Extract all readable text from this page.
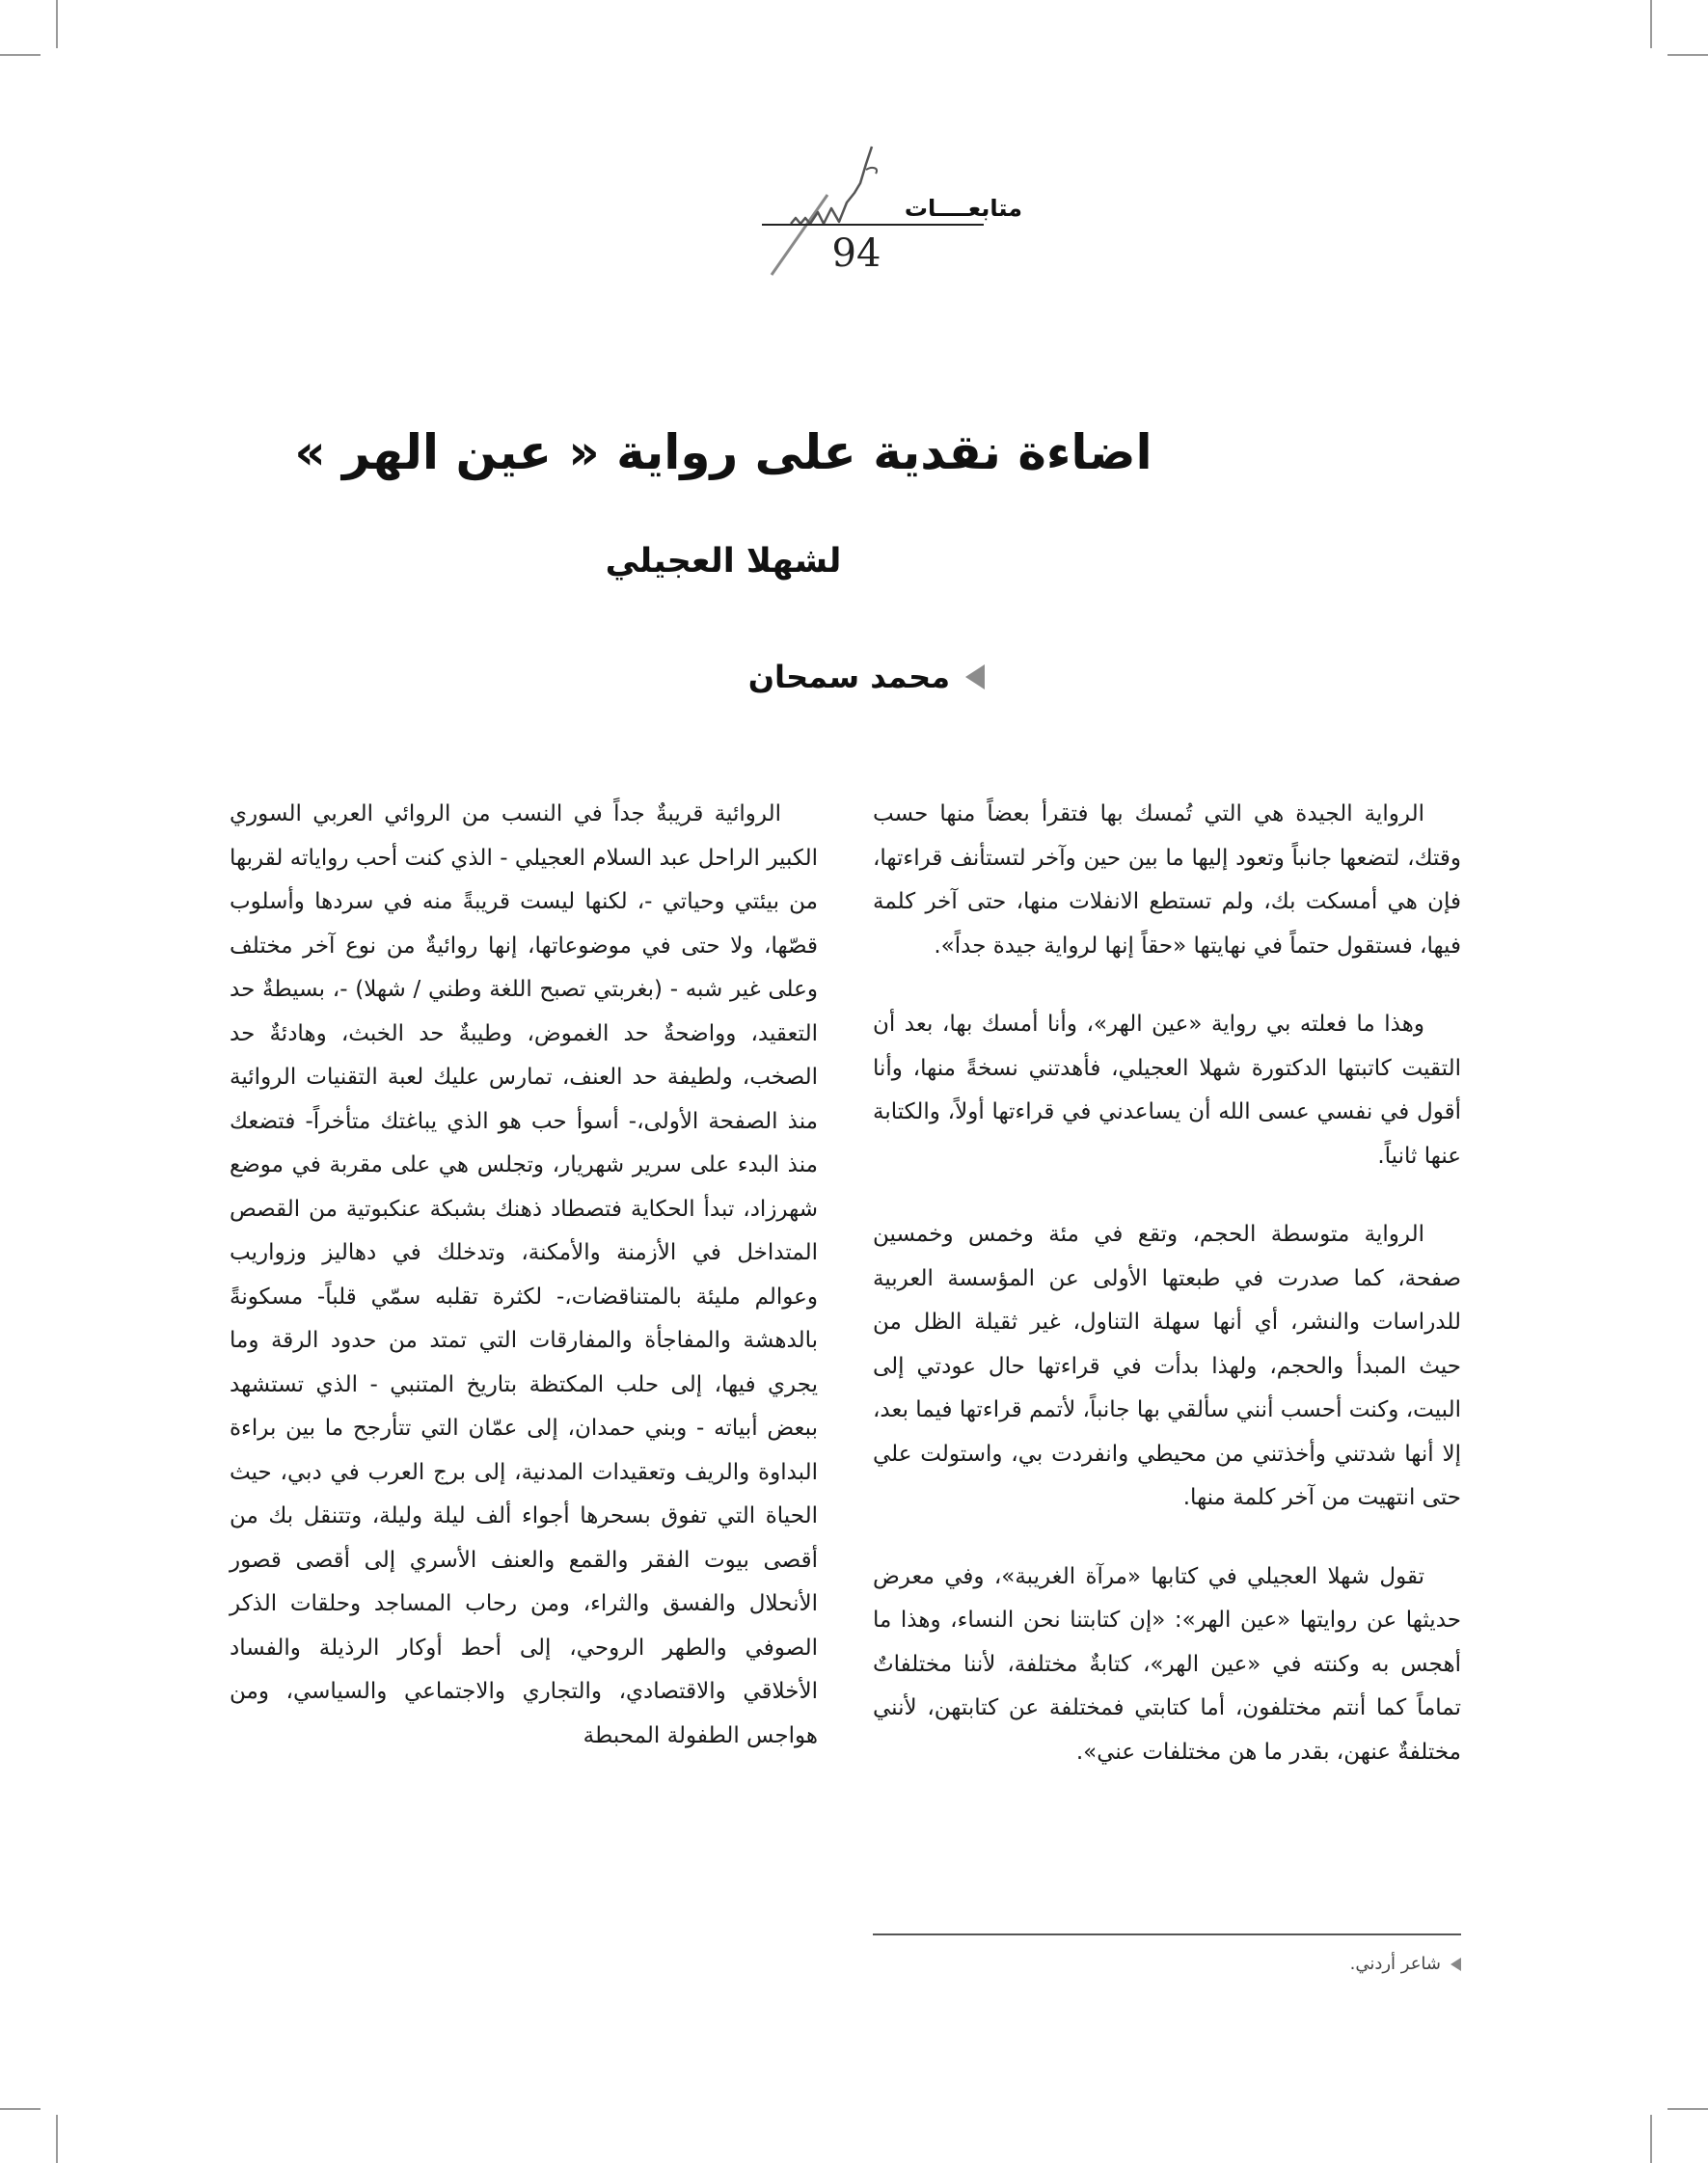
متابعــــات
94
اضاءة نقدية على رواية « عين الهر »
لشهلا العجيلي
محمد سمحان

الرواية الجيدة هي التي تُمسك بها فتقرأ بعضاً منها حسب وقتك، لتضعها جانباً وتعود إليها ما بين حين وآخر لتستأنف قراءتها، فإن هي أمسكت بك، ولم تستطع الانفلات منها، حتى آخر كلمة فيها، فستقول حتماً في نهايتها «حقاً إنها لرواية جيدة جداً».

وهذا ما فعلته بي رواية «عين الهر»، وأنا أمسك بها، بعد أن التقيت كاتبتها الدكتورة شهلا العجيلي، فأهدتني نسخةً منها، وأنا أقول في نفسي عسى الله أن يساعدني في قراءتها أولاً، والكتابة عنها ثانياً.

الرواية متوسطة الحجم، وتقع في مئة وخمس وخمسين صفحة، كما صدرت في طبعتها الأولى عن المؤسسة العربية للدراسات والنشر، أي أنها سهلة التناول، غير ثقيلة الظل من حيث المبدأ والحجم، ولهذا بدأت في قراءتها حال عودتي إلى البيت، وكنت أحسب أنني سألقي بها جانباً، لأتمم قراءتها فيما بعد، إلا أنها شدتني وأخذتني من محيطي وانفردت بي، واستولت علي حتى انتهيت من آخر كلمة منها.

تقول شهلا العجيلي في كتابها «مرآة الغريبة»، وفي معرض حديثها عن روايتها «عين الهر»: «إن كتابتنا نحن النساء، وهذا ما أهجس به وكنته في «عين الهر»، كتابةٌ مختلفة، لأننا مختلفاتٌ تماماً كما أنتم مختلفون، أما كتابتي فمختلفة عن كتابتهن، لأنني مختلفةٌ عنهن، بقدر ما هن مختلفات عني».

الروائية قريبةٌ جداً في النسب من الروائي العربي السوري الكبير الراحل عبد السلام العجيلي - الذي كنت أحب رواياته لقربها من بيئتي وحياتي -، لكنها ليست قريبةً منه في سردها وأسلوب قصّها، ولا حتى في موضوعاتها، إنها روائيةٌ من نوع آخر مختلف وعلى غير شبه - (بغربتي تصبح اللغة وطني / شهلا) -، بسيطةٌ حد التعقيد، وواضحةٌ حد الغموض، وطيبةٌ حد الخبث، وهادئةٌ حد الصخب، ولطيفة حد العنف، تمارس عليك لعبة التقنيات الروائية منذ الصفحة الأولى،- أسوأ حب هو الذي يباغتك متأخراً- فتضعك منذ البدء على سرير شهريار، وتجلس هي على مقربة في موضع شهرزاد، تبدأ الحكاية فتصطاد ذهنك بشبكة عنكبوتية من القصص المتداخل في الأزمنة والأمكنة، وتدخلك في دهاليز وزواريب وعوالم مليئة بالمتناقضات،- لكثرة تقلبه سمّي قلباً- مسكونةً بالدهشة والمفاجأة والمفارقات التي تمتد من حدود الرقة وما يجري فيها، إلى حلب المكتظة بتاريخ المتنبي - الذي تستشهد ببعض أبياته - وبني حمدان، إلى عمّان التي تتأرجح ما بين براءة البداوة والريف وتعقيدات المدنية، إلى برج العرب في دبي، حيث الحياة التي تفوق بسحرها أجواء ألف ليلة وليلة، وتتنقل بك من أقصى بيوت الفقر والقمع والعنف الأسري إلى أقصى قصور الأنحلال والفسق والثراء، ومن رحاب المساجد وحلقات الذكر الصوفي والطهر الروحي، إلى أحط أوكار الرذيلة والفساد الأخلاقي والاقتصادي، والتجاري والاجتماعي والسياسي، ومن هواجس الطفولة المحبطة

شاعر أردني.
